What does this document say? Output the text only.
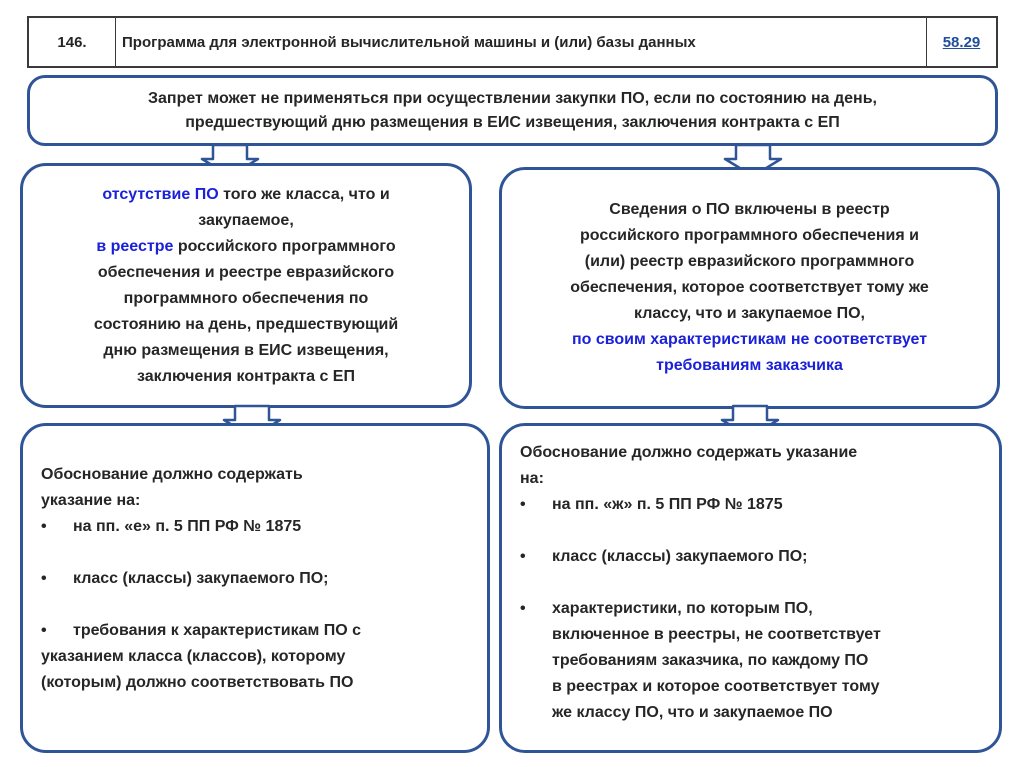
146.	Программа для электронной вычислительной машины и (или) базы данных	58.29
Запрет может не применяться при осуществлении закупки ПО, если по состоянию на день,
предшествующий дню размещения в ЕИС извещения, заключения контракта с ЕП
отсутствие ПО того же класса, что и
закупаемое,
в реестре российского программного
обеспечения и реестре евразийского
программного обеспечения по
состоянию на день, предшествующий
дню размещения в ЕИС извещения,
заключения контракта с ЕП
Сведения о ПО включены в реестр
российского программного обеспечения и
(или) реестр евразийского программного
обеспечения, которое соответствует тому же
классу, что и закупаемое ПО,
по своим характеристикам не соответствует
требованиям заказчика

Обоснование должно содержать

указание на:

•	на пп. «е» п. 5 ПП РФ № 1875
•	класс (классы) закупаемого ПО;
•	требования к характеристикам ПО с

указанием класса (классов), которому

(которым) должно соответствовать ПО

Обоснование должно содержать указание

на:

•	на пп. «ж» п. 5 ПП РФ № 1875
•	класс (классы) закупаемого ПО;
•	характеристики, по которым ПО,
включенное в реестры, не соответствует
требованиям заказчика, по каждому ПО
в реестрах и которое соответствует тому
же классу ПО, что и закупаемое ПО
